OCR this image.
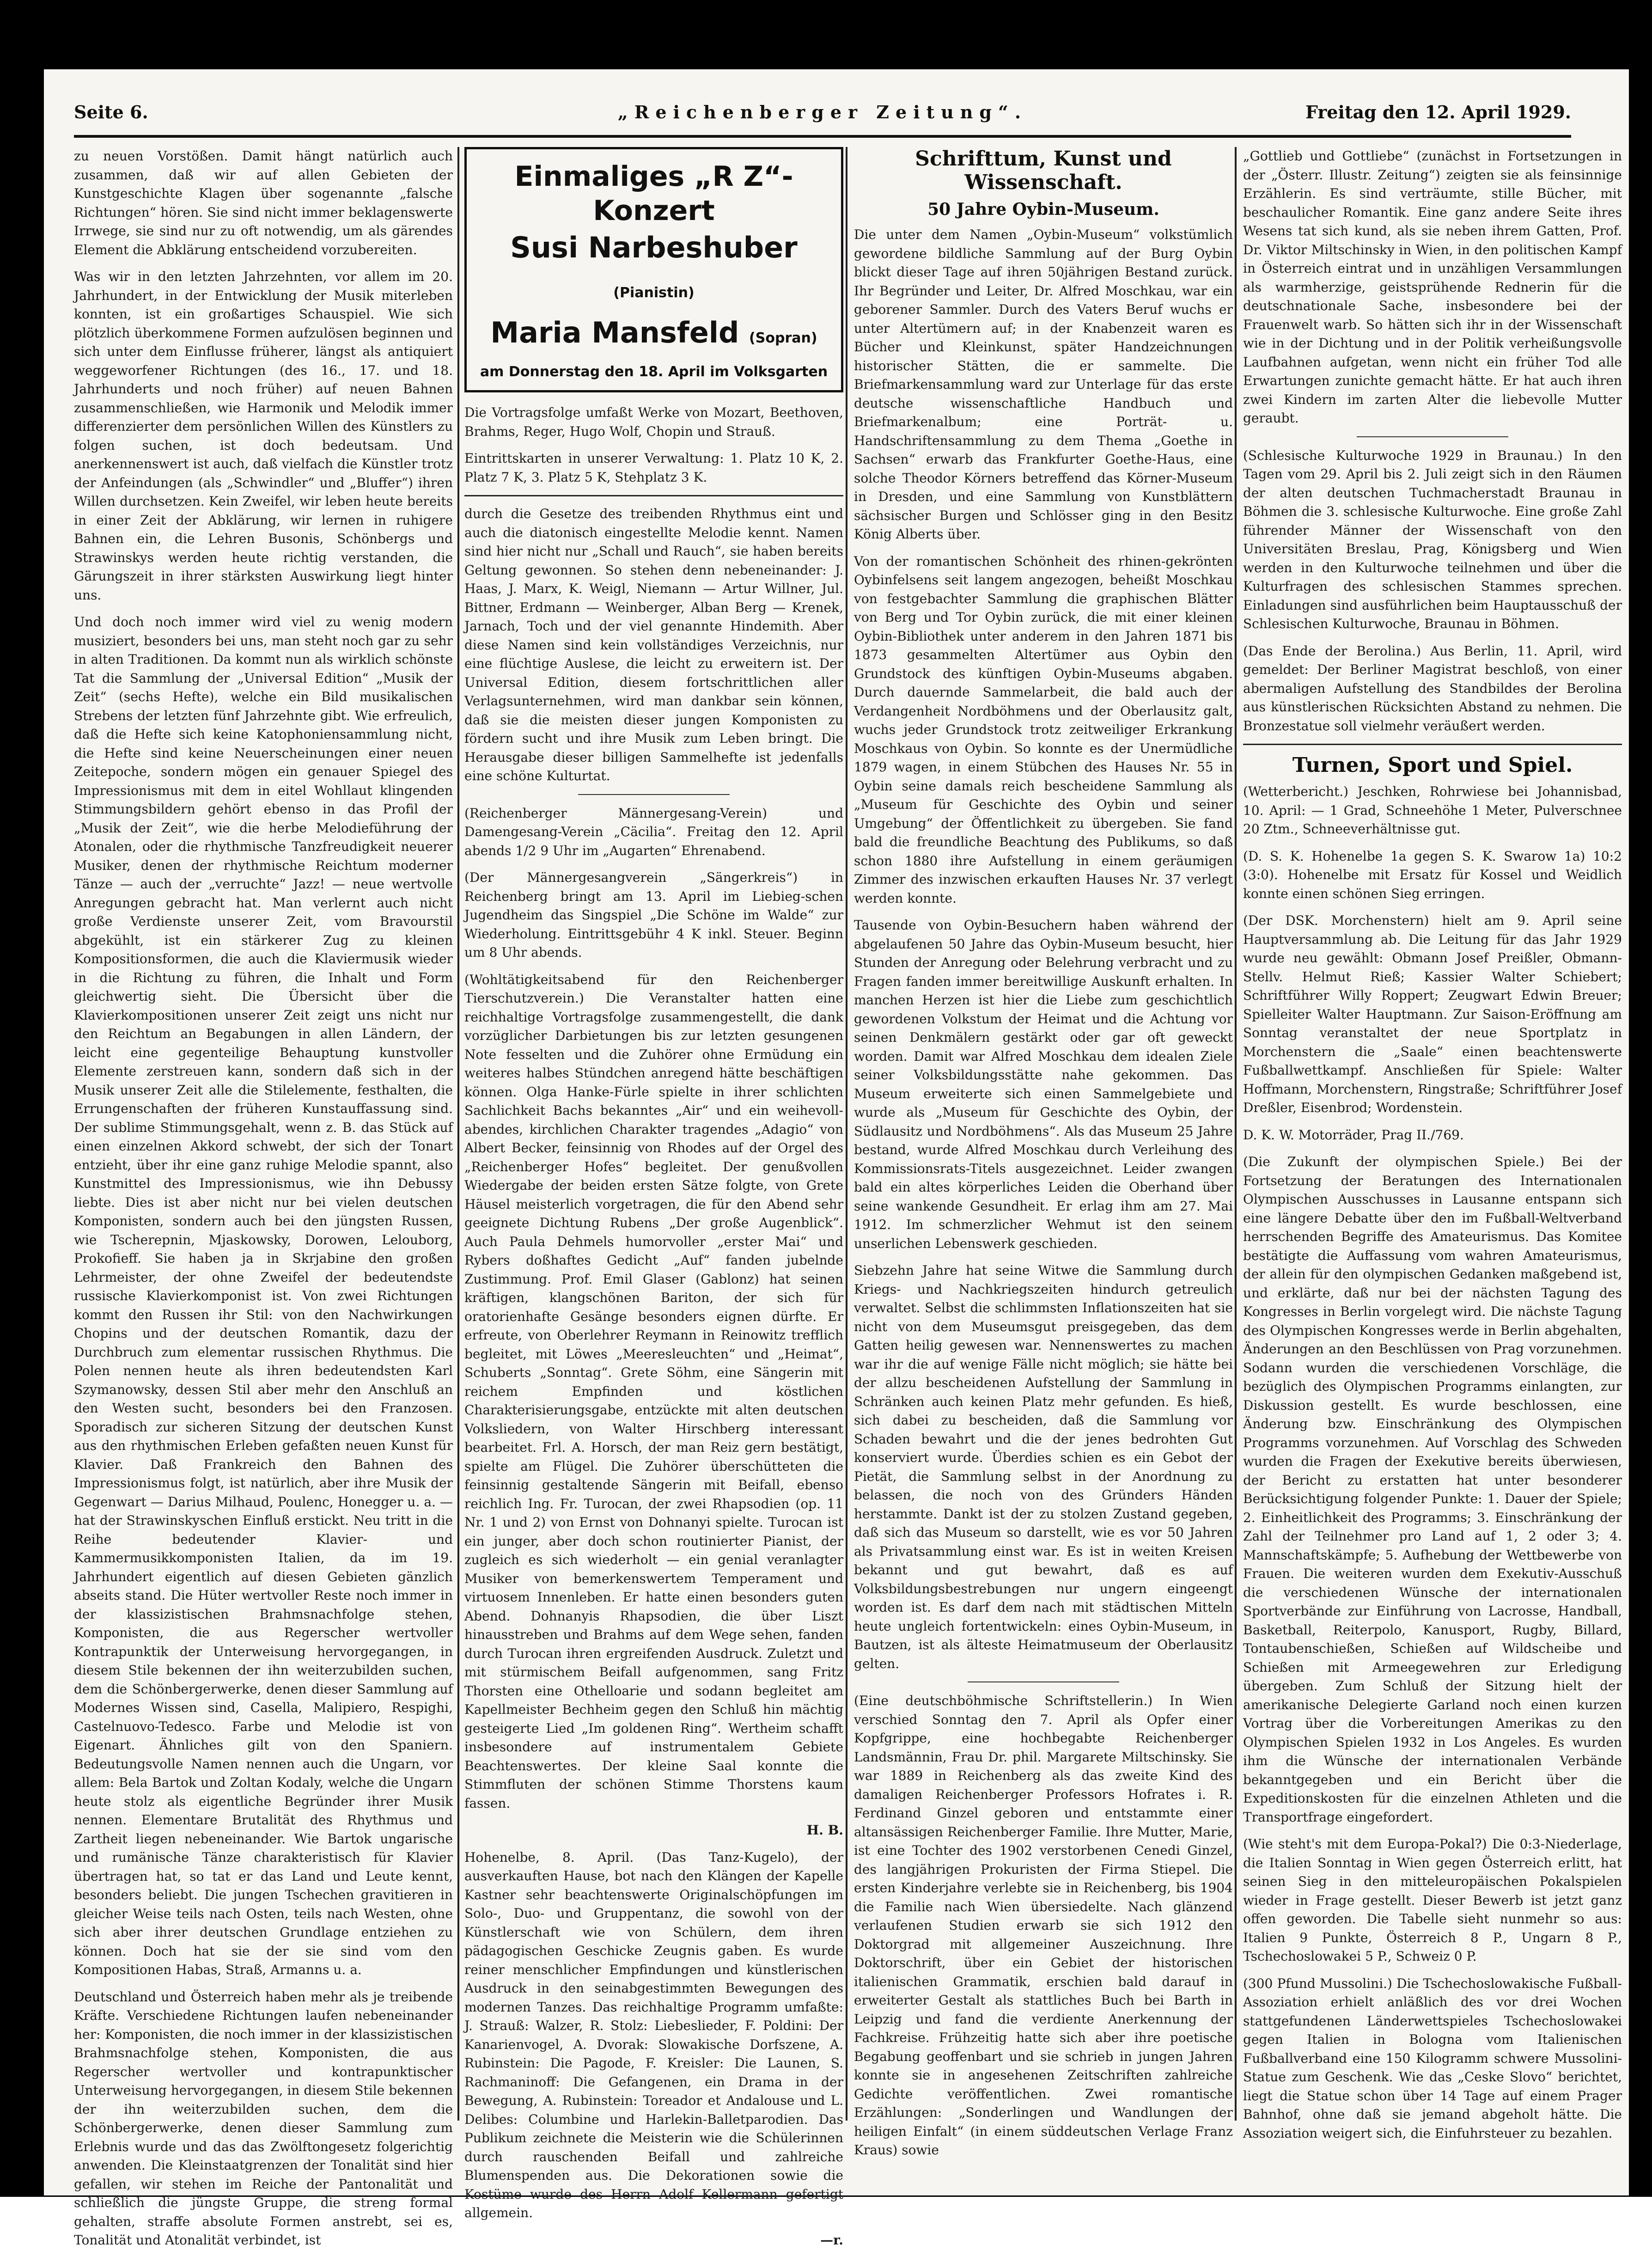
Seite 6.	„Reichenberger Zeitung“.	Freitag den 12. April 1929.

zu neuen Vorstößen. Damit hängt natürlich auch zusammen, daß wir auf allen Gebieten der Kunstgeschichte Klagen über sogenannte „falsche Richtungen“ hören. Sie sind nicht immer beklagenswerte Irrwege, sie sind nur zu oft notwendig, um als gärendes Element die Abklärung entscheidend vorzubereiten.

Was wir in den letzten Jahrzehnten, vor allem im 20. Jahrhundert, in der Entwicklung der Musik miterleben konnten, ist ein großartiges Schauspiel. Wie sich plötzlich überkommene Formen aufzulösen beginnen und sich unter dem Einflusse früherer, längst als antiquiert weggeworfener Richtungen (des 16., 17. und 18. Jahrhunderts und noch früher) auf neuen Bahnen zusammenschließen, wie Harmonik und Melodik immer differenzierter dem persönlichen Willen des Künstlers zu folgen suchen, ist doch bedeutsam. Und anerkennenswert ist auch, daß vielfach die Künstler trotz der Anfeindungen (als „Schwindler“ und „Bluffer“) ihren Willen durchsetzen. Kein Zweifel, wir leben heute bereits in einer Zeit der Abklärung, wir lernen in ruhigere Bahnen ein, die Lehren Busonis, Schönbergs und Strawinskys werden heute richtig verstanden, die Gärungszeit in ihrer stärksten Auswirkung liegt hinter uns.

Und doch noch immer wird viel zu wenig modern musiziert, besonders bei uns, man steht noch gar zu sehr in alten Traditionen. Da kommt nun als wirklich schönste Tat die Sammlung der „Universal Edition“ „Musik der Zeit“ (sechs Hefte), welche ein Bild musikalischen Strebens der letzten fünf Jahrzehnte gibt. Wie erfreulich, daß die Hefte sich keine Katophoniensammlung nicht, die Hefte sind keine Neuerscheinungen einer neuen Zeitepoche, sondern mögen ein genauer Spiegel des Impressionismus mit dem in eitel Wohllaut klingenden Stimmungsbildern gehört ebenso in das Profil der „Musik der Zeit“, wie die herbe Melodieführung der Atonalen, oder die rhythmische Tanzfreudigkeit neuerer Musiker, denen der rhythmische Reichtum moderner Tänze — auch der „verruchte“ Jazz! — neue wertvolle Anregungen gebracht hat. Man verlernt auch nicht große Verdienste unserer Zeit, vom Bravourstil abgekühlt, ist ein stärkerer Zug zu kleinen Kompositionsformen, die auch die Klaviermusik wieder in die Richtung zu führen, die Inhalt und Form gleichwertig sieht. Die Übersicht über die Klavierkompositionen unserer Zeit zeigt uns nicht nur den Reichtum an Begabungen in allen Ländern, der leicht eine gegenteilige Behauptung kunstvoller Elemente zerstreuen kann, sondern daß sich in der Musik unserer Zeit alle die Stilelemente, festhalten, die Errungenschaften der früheren Kunstauffassung sind. Der sublime Stimmungsgehalt, wenn z. B. das Stück auf einen einzelnen Akkord schwebt, der sich der Tonart entzieht, über ihr eine ganz ruhige Melodie spannt, also Kunstmittel des Impressionismus, wie ihn Debussy liebte. Dies ist aber nicht nur bei vielen deutschen Komponisten, sondern auch bei den jüngsten Russen, wie Tscherepnin, Mjaskowsky, Dorowen, Lelouborg, Prokofieff. Sie haben ja in Skrjabine den großen Lehrmeister, der ohne Zweifel der bedeutendste russische Klavierkomponist ist. Von zwei Richtungen kommt den Russen ihr Stil: von den Nachwirkungen Chopins und der deutschen Romantik, dazu der Durchbruch zum elementar russischen Rhythmus. Die Polen nennen heute als ihren bedeutendsten Karl Szymanowsky, dessen Stil aber mehr den Anschluß an den Westen sucht, besonders bei den Franzosen. Sporadisch zur sicheren Sitzung der deutschen Kunst aus den rhythmischen Erleben gefaßten neuen Kunst für Klavier. Daß Frankreich den Bahnen des Impressionismus folgt, ist natürlich, aber ihre Musik der Gegenwart — Darius Milhaud, Poulenc, Honegger u. a. — hat der Strawinskyschen Einfluß erstickt. Neu tritt in die Reihe bedeutender Klavier- und Kammermusikkomponisten Italien, da im 19. Jahrhundert eigentlich auf diesen Gebieten gänzlich abseits stand. Die Hüter wertvoller Reste noch immer in der klassizistischen Brahmsnachfolge stehen, Komponisten, die aus Regerscher wertvoller Kontrapunktik der Unterweisung hervorgegangen, in diesem Stile bekennen der ihn weiterzubilden suchen, dem die Schönbergerwerke, denen dieser Sammlung auf Modernes Wissen sind, Casella, Malipiero, Respighi, Castelnuovo-Tedesco. Farbe und Melodie ist von Eigenart. Ähnliches gilt von den Spaniern. Bedeutungsvolle Namen nennen auch die Ungarn, vor allem: Bela Bartok und Zoltan Kodaly, welche die Ungarn heute stolz als eigentliche Begründer ihrer Musik nennen. Elementare Brutalität des Rhythmus und Zartheit liegen nebeneinander. Wie Bartok ungarische und rumänische Tänze charakteristisch für Klavier übertragen hat, so tat er das Land und Leute kennt, besonders beliebt. Die jungen Tschechen gravitieren in gleicher Weise teils nach Osten, teils nach Westen, ohne sich aber ihrer deutschen Grundlage entziehen zu können. Doch hat sie der sie sind vom den Kompositionen Habas, Straß, Armanns u. a.

Deutschland und Österreich haben mehr als je treibende Kräfte. Verschiedene Richtungen laufen nebeneinander her: Komponisten, die noch immer in der klassizistischen Brahmsnachfolge stehen, Komponisten, die aus Regerscher wertvoller und kontrapunktischer Unterweisung hervorgegangen, in diesem Stile bekennen der ihn weiterzubilden suchen, dem die Schönbergerwerke, denen dieser Sammlung zum Erlebnis wurde und das das Zwölftongesetz folgerichtig anwenden. Die Kleinstaatgrenzen der Tonalität sind hier gefallen, wir stehen im Reiche der Pantonalität und schließlich die jüngste Gruppe, die streng formal gehalten, straffe absolute Formen anstrebt, sei es, Tonalität und Atonalität verbindet, ist

Einmaliges „R Z“-Konzert
Susi Narbeshuber (Pianistin)
Maria Mansfeld (Sopran)
am Donnerstag den 18. April im Volksgarten

Die Vortragsfolge umfaßt Werke von Mozart, Beethoven, Brahms, Reger, Hugo Wolf, Chopin und Strauß.

Eintrittskarten in unserer Verwaltung: 1. Platz 10 K, 2. Platz 7 K, 3. Platz 5 K, Stehplatz 3 K.

durch die Gesetze des treibenden Rhythmus eint und auch die diatonisch eingestellte Melodie kennt. Namen sind hier nicht nur „Schall und Rauch“, sie haben bereits Geltung gewonnen. So stehen denn nebeneinander: J. Haas, J. Marx, K. Weigl, Niemann — Artur Willner, Jul. Bittner, Erdmann — Weinberger, Alban Berg — Krenek, Jarnach, Toch und der viel genannte Hindemith. Aber diese Namen sind kein vollständiges Verzeichnis, nur eine flüchtige Auslese, die leicht zu erweitern ist. Der Universal Edition, diesem fortschrittlichen aller Verlagsunternehmen, wird man dankbar sein können, daß sie die meisten dieser jungen Komponisten zu fördern sucht und ihre Musik zum Leben bringt. Die Herausgabe dieser billigen Sammelhefte ist jedenfalls eine schöne Kulturtat.

(Reichenberger Männergesang-Verein) und Damengesang-Verein „Cäcilia“. Freitag den 12. April abends 1/2 9 Uhr im „Augarten“ Ehrenabend.

(Der Männergesangverein „Sängerkreis“) in Reichenberg bringt am 13. April im Liebieg-schen Jugendheim das Singspiel „Die Schöne im Walde“ zur Wiederholung. Eintrittsgebühr 4 K inkl. Steuer. Beginn um 8 Uhr abends.

(Wohltätigkeitsabend für den Reichenberger Tierschutzverein.) Die Veranstalter hatten eine reichhaltige Vortragsfolge zusammengestellt, die dank vorzüglicher Darbietungen bis zur letzten gesungenen Note fesselten und die Zuhörer ohne Ermüdung ein weiteres halbes Stündchen anregend hätte beschäftigen können. Olga Hanke-Fürle spielte in ihrer schlichten Sachlichkeit Bachs bekanntes „Air“ und ein weihevoll-abendes, kirchlichen Charakter tragendes „Adagio“ von Albert Becker, feinsinnig von Rhodes auf der Orgel des „Reichenberger Hofes“ begleitet. Der genußvollen Wiedergabe der beiden ersten Sätze folgte, von Grete Häusel meisterlich vorgetragen, die für den Abend sehr geeignete Dichtung Rubens „Der große Augenblick“. Auch Paula Dehmels humorvoller „erster Mai“ und Rybers doßhaftes Gedicht „Auf“ fanden jubelnde Zustimmung. Prof. Emil Glaser (Gablonz) hat seinen kräftigen, klangschönen Bariton, der sich für oratorienhafte Gesänge besonders eignen dürfte. Er erfreute, von Oberlehrer Reymann in Reinowitz trefflich begleitet, mit Löwes „Meeresleuchten“ und „Heimat“, Schuberts „Sonntag“. Grete Söhm, eine Sängerin mit reichem Empfinden und köstlichen Charakterisierungsgabe, entzückte mit alten deutschen Volksliedern, von Walter Hirschberg interessant bearbeitet. Frl. A. Horsch, der man Reiz gern bestätigt, spielte am Flügel. Die Zuhörer überschütteten die feinsinnig gestaltende Sängerin mit Beifall, ebenso reichlich Ing. Fr. Turocan, der zwei Rhapsodien (op. 11 Nr. 1 und 2) von Ernst von Dohnanyi spielte. Turocan ist ein junger, aber doch schon routinierter Pianist, der zugleich es sich wiederholt — ein genial veranlagter Musiker von bemerkenswertem Temperament und virtuosem Innenleben. Er hatte einen besonders guten Abend. Dohnanyis Rhapsodien, die über Liszt hinausstreben und Brahms auf dem Wege sehen, fanden durch Turocan ihren ergreifenden Ausdruck. Zuletzt und mit stürmischem Beifall aufgenommen, sang Fritz Thorsten eine Othelloarie und sodann begleitet am Kapellmeister Bechheim gegen den Schluß hin mächtig gesteigerte Lied „Im goldenen Ring“. Wertheim schafft insbesondere auf instrumentalem Gebiete Beachtenswertes. Der kleine Saal konnte die Stimmfluten der schönen Stimme Thorstens kaum fassen.

H. B.

Hohenelbe, 8. April. (Das Tanz-Kugelo), der ausverkauften Hause, bot nach den Klängen der Kapelle Kastner sehr beachtenswerte Originalschöpfungen im Solo-, Duo- und Gruppentanz, die sowohl von der Künstlerschaft wie von Schülern, dem ihren pädagogischen Geschicke Zeugnis gaben. Es wurde reiner menschlicher Empfindungen und künstlerischen Ausdruck in den seinabgestimmten Bewegungen des modernen Tanzes. Das reichhaltige Programm umfaßte: J. Strauß: Walzer, R. Stolz: Liebeslieder, F. Poldini: Der Kanarienvogel, A. Dvorak: Slowakische Dorfszene, A. Rubinstein: Die Pagode, F. Kreisler: Die Launen, S. Rachmaninoff: Die Gefangenen, ein Drama in der Bewegung, A. Rubinstein: Toreador et Andalouse und L. Delibes: Columbine und Harlekin-Balletparodien. Das Publikum zeichnete die Meisterin wie die Schülerinnen durch rauschenden Beifall und zahlreiche Blumenspenden aus. Die Dekorationen sowie die Kostüme wurde des Herrn Adolf Kellermann gefertigt allgemein.

—r.

Schrifttum, Kunst und Wissenschaft.
50 Jahre Oybin-Museum.

Die unter dem Namen „Oybin-Museum“ volkstümlich gewordene bildliche Sammlung auf der Burg Oybin blickt dieser Tage auf ihren 50jährigen Bestand zurück. Ihr Begründer und Leiter, Dr. Alfred Moschkau, war ein geborener Sammler. Durch des Vaters Beruf wuchs er unter Altertümern auf; in der Knabenzeit waren es Bücher und Kleinkunst, später Handzeichnungen historischer Stätten, die er sammelte. Die Briefmarkensammlung ward zur Unterlage für das erste deutsche wissenschaftliche Handbuch und Briefmarkenalbum; eine Porträt- u. Handschriftensammlung zu dem Thema „Goethe in Sachsen“ erwarb das Frankfurter Goethe-Haus, eine solche Theodor Körners betreffend das Körner-Museum in Dresden, und eine Sammlung von Kunstblättern sächsischer Burgen und Schlösser ging in den Besitz König Alberts über.

Von der romantischen Schönheit des rhinen-gekrönten Oybinfelsens seit langem angezogen, beheißt Moschkau von festgebachter Sammlung die graphischen Blätter von Berg und Tor Oybin zurück, die mit einer kleinen Oybin-Bibliothek unter anderem in den Jahren 1871 bis 1873 gesammelten Altertümer aus Oybin den Grundstock des künftigen Oybin-Museums abgaben. Durch dauernde Sammelarbeit, die bald auch der Verdangenheit Nordböhmens und der Oberlausitz galt, wuchs jeder Grundstock trotz zeitweiliger Erkrankung Moschkaus von Oybin. So konnte es der Unermüdliche 1879 wagen, in einem Stübchen des Hauses Nr. 55 in Oybin seine damals reich bescheidene Sammlung als „Museum für Geschichte des Oybin und seiner Umgebung“ der Öffentlichkeit zu übergeben. Sie fand bald die freundliche Beachtung des Publikums, so daß schon 1880 ihre Aufstellung in einem geräumigen Zimmer des inzwischen erkauften Hauses Nr. 37 verlegt werden konnte.

Tausende von Oybin-Besuchern haben während der abgelaufenen 50 Jahre das Oybin-Museum besucht, hier Stunden der Anregung oder Belehrung verbracht und zu Fragen fanden immer bereitwillige Auskunft erhalten. In manchen Herzen ist hier die Liebe zum geschichtlich gewordenen Volkstum der Heimat und die Achtung vor seinen Denkmälern gestärkt oder gar oft geweckt worden. Damit war Alfred Moschkau dem idealen Ziele seiner Volksbildungsstätte nahe gekommen. Das Museum erweiterte sich einen Sammelgebiete und wurde als „Museum für Geschichte des Oybin, der Südlausitz und Nordböhmens“. Als das Museum 25 Jahre bestand, wurde Alfred Moschkau durch Verleihung des Kommissionsrats-Titels ausgezeichnet. Leider zwangen bald ein altes körperliches Leiden die Oberhand über seine wankende Gesundheit. Er erlag ihm am 27. Mai 1912. Im schmerzlicher Wehmut ist den seinem unserlichen Lebenswerk geschieden.

Siebzehn Jahre hat seine Witwe die Sammlung durch Kriegs- und Nachkriegszeiten hindurch getreulich verwaltet. Selbst die schlimmsten Inflationszeiten hat sie nicht von dem Museumsgut preisgegeben, das dem Gatten heilig gewesen war. Nennenswertes zu machen war ihr die auf wenige Fälle nicht möglich; sie hätte bei der allzu bescheidenen Aufstellung der Sammlung in Schränken auch keinen Platz mehr gefunden. Es hieß, sich dabei zu bescheiden, daß die Sammlung vor Schaden bewahrt und die der jenes bedrohten Gut konserviert wurde. Überdies schien es ein Gebot der Pietät, die Sammlung selbst in der Anordnung zu belassen, die noch von des Gründers Händen herstammte. Dankt ist der zu stolzen Zustand gegeben, daß sich das Museum so darstellt, wie es vor 50 Jahren als Privatsammlung einst war. Es ist in weiten Kreisen bekannt und gut bewahrt, daß es auf Volksbildungsbestrebungen nur ungern eingeengt worden ist. Es darf dem nach mit städtischen Mitteln heute ungleich fortentwickeln: eines Oybin-Museum, in Bautzen, ist als älteste Heimatmuseum der Oberlausitz gelten.

(Eine deutschböhmische Schriftstellerin.) In Wien verschied Sonntag den 7. April als Opfer einer Kopfgrippe, eine hochbegabte Reichenberger Landsmännin, Frau Dr. phil. Margarete Miltschinsky. Sie war 1889 in Reichenberg als das zweite Kind des damaligen Reichenberger Professors Hofrates i. R. Ferdinand Ginzel geboren und entstammte einer altansässigen Reichenberger Familie. Ihre Mutter, Marie, ist eine Tochter des 1902 verstorbenen Cenedi Ginzel, des langjährigen Prokuristen der Firma Stiepel. Die ersten Kinderjahre verlebte sie in Reichenberg, bis 1904 die Familie nach Wien übersiedelte. Nach glänzend verlaufenen Studien erwarb sie sich 1912 den Doktorgrad mit allgemeiner Auszeichnung. Ihre Doktorschrift, über ein Gebiet der historischen italienischen Grammatik, erschien bald darauf in erweiterter Gestalt als stattliches Buch bei Barth in Leipzig und fand die verdiente Anerkennung der Fachkreise. Frühzeitig hatte sich aber ihre poetische Begabung geoffenbart und sie schrieb in jungen Jahren konnte sie in angesehenen Zeitschriften zahlreiche Gedichte veröffentlichen. Zwei romantische Erzählungen: „Sonderlingen und Wandlungen der heiligen Einfalt“ (in einem süddeutschen Verlage Franz Kraus) sowie

„Gottlieb und Gottliebe“ (zunächst in Fortsetzungen in der „Österr. Illustr. Zeitung“) zeigten sie als feinsinnige Erzählerin. Es sind verträumte, stille Bücher, mit beschaulicher Romantik. Eine ganz andere Seite ihres Wesens tat sich kund, als sie neben ihrem Gatten, Prof. Dr. Viktor Miltschinsky in Wien, in den politischen Kampf in Österreich eintrat und in unzähligen Versammlungen als warmherzige, geistsprühende Rednerin für die deutschnationale Sache, insbesondere bei der Frauenwelt warb. So hätten sich ihr in der Wissenschaft wie in der Dichtung und in der Politik verheißungsvolle Laufbahnen aufgetan, wenn nicht ein früher Tod alle Erwartungen zunichte gemacht hätte. Er hat auch ihren zwei Kindern im zarten Alter die liebevolle Mutter geraubt.

(Schlesische Kulturwoche 1929 in Braunau.) In den Tagen vom 29. April bis 2. Juli zeigt sich in den Räumen der alten deutschen Tuchmacherstadt Braunau in Böhmen die 3. schlesische Kulturwoche. Eine große Zahl führender Männer der Wissenschaft von den Universitäten Breslau, Prag, Königsberg und Wien werden in den Kulturwoche teilnehmen und über die Kulturfragen des schlesischen Stammes sprechen. Einladungen sind ausführlichen beim Hauptausschuß der Schlesischen Kulturwoche, Braunau in Böhmen.

(Das Ende der Berolina.) Aus Berlin, 11. April, wird gemeldet: Der Berliner Magistrat beschloß, von einer abermaligen Aufstellung des Standbildes der Berolina aus künstlerischen Rücksichten Abstand zu nehmen. Die Bronzestatue soll vielmehr veräußert werden.

Turnen, Sport und Spiel.

(Wetterbericht.) Jeschken, Rohrwiese bei Johannisbad, 10. April: — 1 Grad, Schneehöhe 1 Meter, Pulverschnee 20 Ztm., Schneeverhältnisse gut.

(D. S. K. Hohenelbe 1a gegen S. K. Swarow 1a) 10:2 (3:0). Hohenelbe mit Ersatz für Kossel und Weidlich konnte einen schönen Sieg erringen.

(Der DSK. Morchenstern) hielt am 9. April seine Hauptversammlung ab. Die Leitung für das Jahr 1929 wurde neu gewählt: Obmann Josef Preißler, Obmann-Stellv. Helmut Rieß; Kassier Walter Schiebert; Schriftführer Willy Roppert; Zeugwart Edwin Breuer; Spielleiter Walter Hauptmann. Zur Saison-Eröffnung am Sonntag veranstaltet der neue Sportplatz in Morchenstern die „Saale“ einen beachtenswerte Fußballwettkampf. Anschließen für Spiele: Walter Hoffmann, Morchenstern, Ringstraße; Schriftführer Josef Dreßler, Eisenbrod; Wordenstein.

D. K. W. Motorräder, Prag II./769.

(Die Zukunft der olympischen Spiele.) Bei der Fortsetzung der Beratungen des Internationalen Olympischen Ausschusses in Lausanne entspann sich eine längere Debatte über den im Fußball-Weltverband herrschenden Begriffe des Amateurismus. Das Komitee bestätigte die Auffassung vom wahren Amateurismus, der allein für den olympischen Gedanken maßgebend ist, und erklärte, daß nur bei der nächsten Tagung des Kongresses in Berlin vorgelegt wird. Die nächste Tagung des Olympischen Kongresses werde in Berlin abgehalten, Änderungen an den Beschlüssen von Prag vorzunehmen. Sodann wurden die verschiedenen Vorschläge, die bezüglich des Olympischen Programms einlangten, zur Diskussion gestellt. Es wurde beschlossen, eine Änderung bzw. Einschränkung des Olympischen Programms vorzunehmen. Auf Vorschlag des Schweden wurden die Fragen der Exekutive bereits überwiesen, der Bericht zu erstatten hat unter besonderer Berücksichtigung folgender Punkte: 1. Dauer der Spiele; 2. Einheitlichkeit des Programms; 3. Einschränkung der Zahl der Teilnehmer pro Land auf 1, 2 oder 3; 4. Mannschaftskämpfe; 5. Aufhebung der Wettbewerbe von Frauen. Die weiteren wurden dem Exekutiv-Ausschuß die verschiedenen Wünsche der internationalen Sportverbände zur Einführung von Lacrosse, Handball, Basketball, Reiterpolo, Kanusport, Rugby, Billard, Tontaubenschießen, Schießen auf Wildscheibe und Schießen mit Armeegewehren zur Erledigung übergeben. Zum Schluß der Sitzung hielt der amerikanische Delegierte Garland noch einen kurzen Vortrag über die Vorbereitungen Amerikas zu den Olympischen Spielen 1932 in Los Angeles. Es wurden ihm die Wünsche der internationalen Verbände bekanntgegeben und ein Bericht über die Expeditionskosten für die einzelnen Athleten und die Transportfrage eingefordert.

(Wie steht's mit dem Europa-Pokal?) Die 0:3-Niederlage, die Italien Sonntag in Wien gegen Österreich erlitt, hat seinen Sieg in den mitteleuropäischen Pokalspielen wieder in Frage gestellt. Dieser Bewerb ist jetzt ganz offen geworden. Die Tabelle sieht nunmehr so aus: Italien 9 Punkte, Österreich 8 P., Ungarn 8 P., Tschechoslowakei 5 P., Schweiz 0 P.

(300 Pfund Mussolini.) Die Tschechoslowakische Fußball-Assoziation erhielt anläßlich des vor drei Wochen stattgefundenen Länderwettspieles Tschechoslowakei gegen Italien in Bologna vom Italienischen Fußballverband eine 150 Kilogramm schwere Mussolini-Statue zum Geschenk. Wie das „Ceske Slovo“ berichtet, liegt die Statue schon über 14 Tage auf einem Prager Bahnhof, ohne daß sie jemand abgeholt hätte. Die Assoziation weigert sich, die Einfuhrsteuer zu bezahlen.
